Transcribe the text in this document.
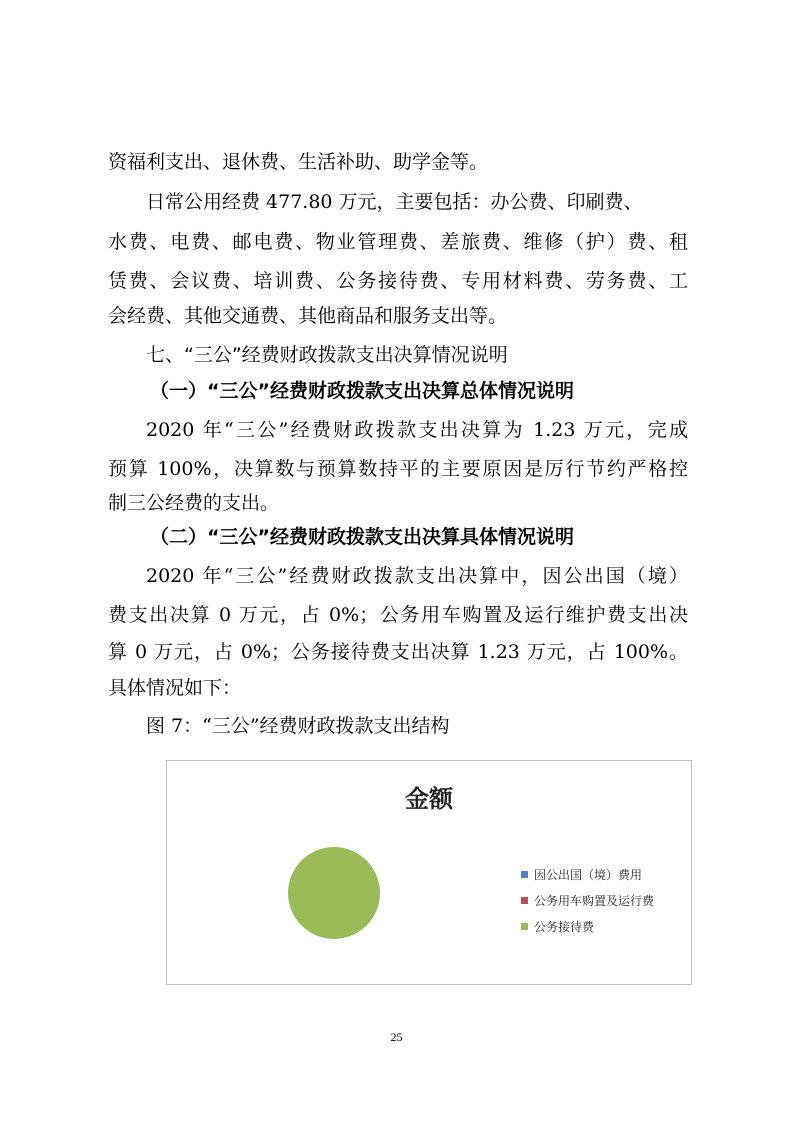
资福利支出、退休费、生活补助、助学金等。
日常公用经费 477.80 万元，主要包括：办公费、印刷费、
水费、电费、邮电费、物业管理费、差旅费、维修（护）费、租
赁费、会议费、培训费、公务接待费、专用材料费、劳务费、工
会经费、其他交通费、其他商品和服务支出等。
七、“三公”经费财政拨款支出决算情况说明
（一）“三公”经费财政拨款支出决算总体情况说明
2020 年“三公”经费财政拨款支出决算为 1.23 万元，完成
预算 100%，决算数与预算数持平的主要原因是厉行节约严格控
制三公经费的支出。
（二）“三公”经费财政拨款支出决算具体情况说明
2020 年“三公”经费财政拨款支出决算中，因公出国（境）
费支出决算 0 万元，占 0%；公务用车购置及运行维护费支出决
算 0 万元，占 0%；公务接待费支出决算 1.23 万元，占 100%。
具体情况如下：
图 7：“三公”经费财政拨款支出结构
金额
因公出国（境）费用
公务用车购置及运行费
公务接待费
25
